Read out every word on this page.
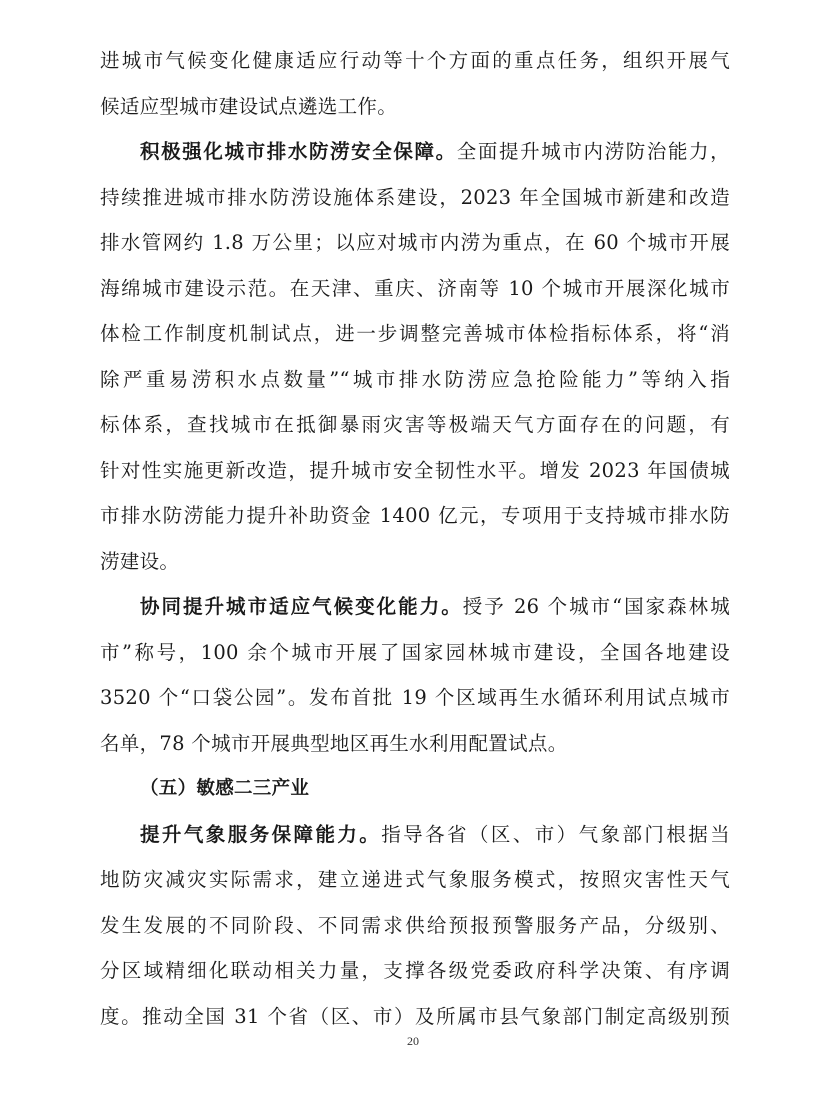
进城市气候变化健康适应行动等十个方面的重点任务，组织开展气
候适应型城市建设试点遴选工作。
积极强化城市排水防涝安全保障。全面提升城市内涝防治能力，
持续推进城市排水防涝设施体系建设，2023 年全国城市新建和改造
排水管网约 1.8 万公里；以应对城市内涝为重点，在 60 个城市开展
海绵城市建设示范。在天津、重庆、济南等 10 个城市开展深化城市
体检工作制度机制试点，进一步调整完善城市体检指标体系，将“消
除严重易涝积水点数量”“城市排水防涝应急抢险能力”等纳入指
标体系，查找城市在抵御暴雨灾害等极端天气方面存在的问题，有
针对性实施更新改造，提升城市安全韧性水平。增发 2023 年国债城
市排水防涝能力提升补助资金 1400 亿元，专项用于支持城市排水防
涝建设。
协同提升城市适应气候变化能力。授予 26 个城市“国家森林城
市”称号，100 余个城市开展了国家园林城市建设，全国各地建设
3520 个“口袋公园”。发布首批 19 个区域再生水循环利用试点城市
名单，78 个城市开展典型地区再生水利用配置试点。
（五）敏感二三产业
提升气象服务保障能力。指导各省（区、市）气象部门根据当
地防灾减灾实际需求，建立递进式气象服务模式，按照灾害性天气
发生发展的不同阶段、不同需求供给预报预警服务产品，分级别、
分区域精细化联动相关力量，支撑各级党委政府科学决策、有序调
度。推动全国 31 个省（区、市）及所属市县气象部门制定高级别预
20
